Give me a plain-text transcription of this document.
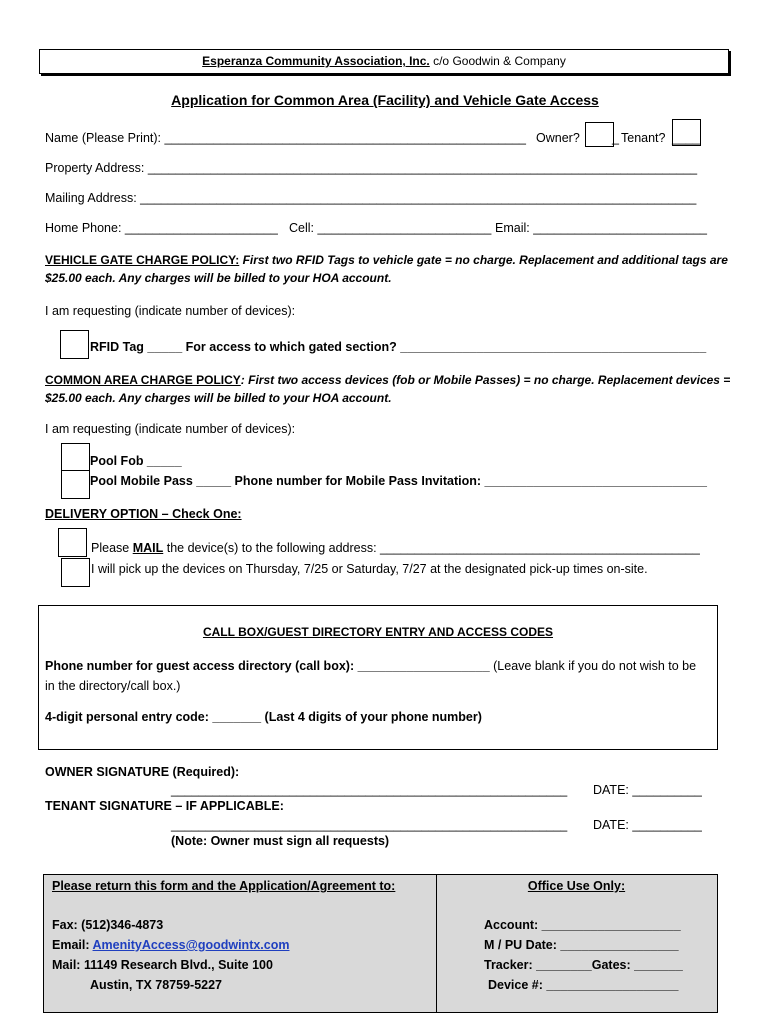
Esperanza Community Association, Inc. c/o Goodwin & Company
Application for Common Area (Facility) and Vehicle Gate Access
Name (Please Print): ____________________________________________________ Owner?	_ Tenant? ____
Property Address: _______________________________________________________________________________
Mailing Address: ________________________________________________________________________________
Home Phone: ______________________ Cell: _________________________ Email: _________________________
VEHICLE GATE CHARGE POLICY: First two RFID Tags to vehicle gate = no charge. Replacement and additional tags are $25.00 each. Any charges will be billed to your HOA account.
I am requesting (indicate number of devices):
RFID Tag _____ For access to which gated section? ____________________________________________
COMMON AREA CHARGE POLICY: First two access devices (fob or Mobile Passes) = no charge. Replacement devices = $25.00 each. Any charges will be billed to your HOA account.
I am requesting (indicate number of devices):
Pool Fob _____
Pool Mobile Pass _____ Phone number for Mobile Pass Invitation: ________________________________
DELIVERY OPTION – Check One:
Please MAIL the device(s) to the following address: ______________________________________________
I will pick up the devices on Thursday, 7/25 or Saturday, 7/27 at the designated pick-up times on-site.
CALL BOX/GUEST DIRECTORY ENTRY AND ACCESS CODES
Phone number for guest access directory (call box): ___________________ (Leave blank if you do not wish to be in the directory/call box.)
4-digit personal entry code: _______ (Last 4 digits of your phone number)
OWNER SIGNATURE (Required):
_________________________________________________________ DATE: __________
TENANT SIGNATURE – IF APPLICABLE:
_________________________________________________________ DATE: __________
(Note: Owner must sign all requests)
Please return this form and the Application/Agreement to:
Fax: (512)346-4873
Email: AmenityAccess@goodwintx.com
Mail: 11149 Research Blvd., Suite 100
Austin, TX 78759-5227
Office Use Only:
Account: ____________________
M / PU Date: _________________
Tracker: ________Gates: _______
Device #: ___________________
